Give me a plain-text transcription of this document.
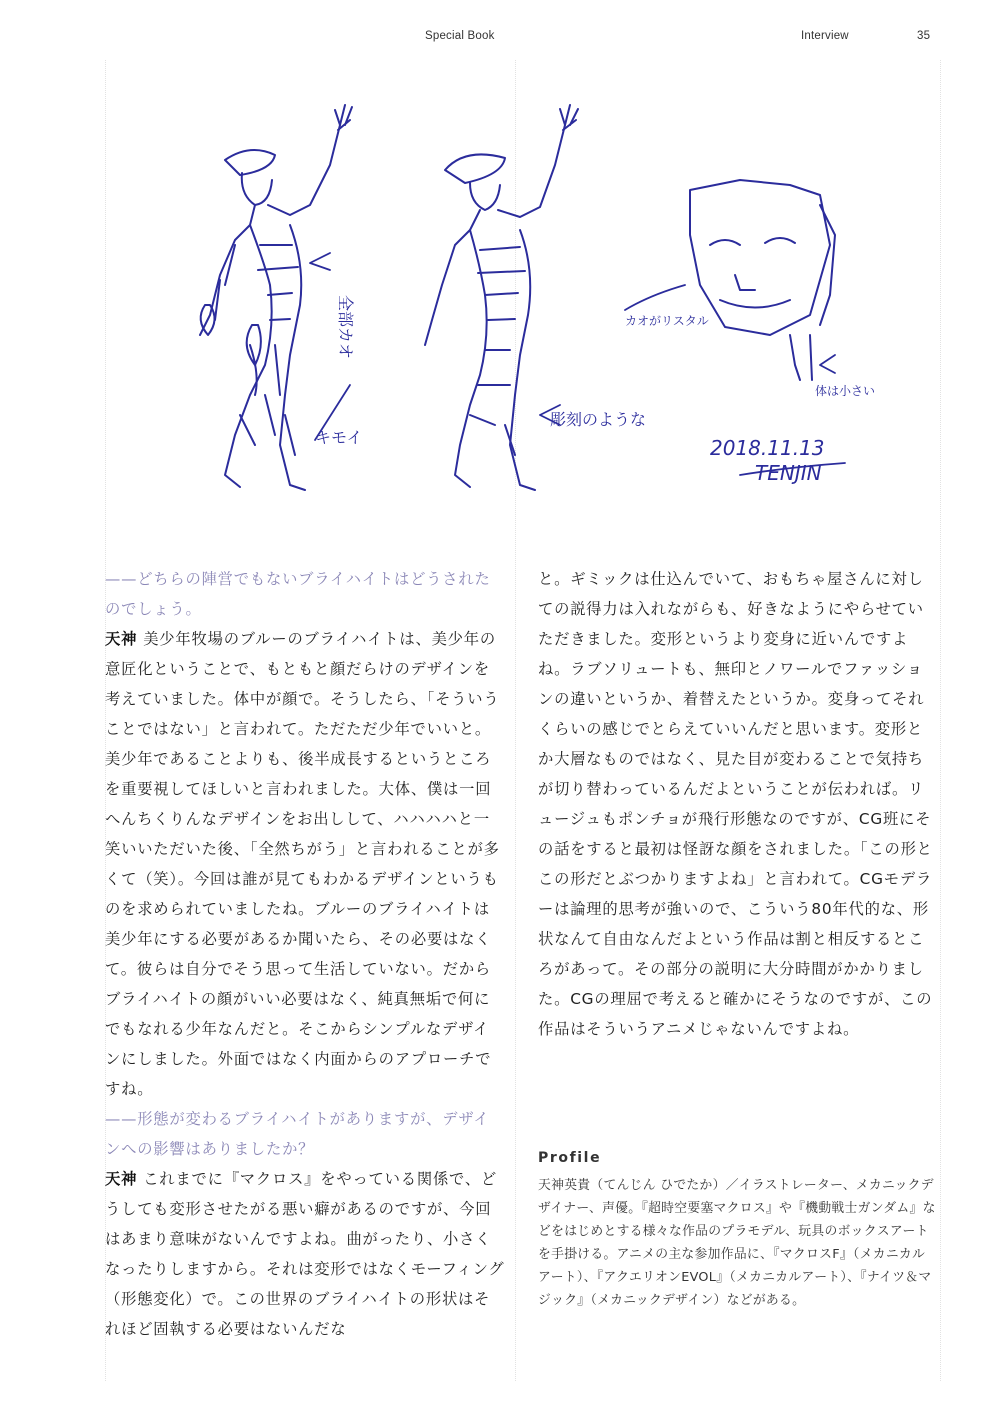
Special Book	Interview	35
全部カオ
キモイ
彫刻のような
カオがリスタル
体は小さい
2018.11.13
TENJIN

——どちらの陣営でもないブライハイトはどうされたのでしょう。

天神 美少年牧場のブルーのブライハイトは、美少年の意匠化ということで、もともと顔だらけのデザインを考えていました。体中が顔で。そうしたら、「そういうことではない」と言われて。ただただ少年でいいと。美少年であることよりも、後半成長するというところを重要視してほしいと言われました。大体、僕は一回へんちくりんなデザインをお出しして、ハハハハと一笑いいただいた後、「全然ちがう」と言われることが多くて（笑）。今回は誰が見てもわかるデザインというものを求められていましたね。ブルーのブライハイトは美少年にする必要があるか聞いたら、その必要はなくて。彼らは自分でそう思って生活していない。だからブライハイトの顔がいい必要はなく、純真無垢で何にでもなれる少年なんだと。そこからシンプルなデザインにしました。外面ではなく内面からのアプローチですね。

——形態が変わるブライハイトがありますが、デザインへの影響はありましたか？

天神 これまでに『マクロス』をやっている関係で、どうしても変形させたがる悪い癖があるのですが、今回はあまり意味がないんですよね。曲がったり、小さくなったりしますから。それは変形ではなくモーフィング（形態変化）で。この世界のブライハイトの形状はそれほど固執する必要はないんだな

と。ギミックは仕込んでいて、おもちゃ屋さんに対しての説得力は入れながらも、好きなようにやらせていただきました。変形というより変身に近いんですよね。ラブソリュートも、無印とノワールでファッションの違いというか、着替えたというか。変身ってそれくらいの感じでとらえていいんだと思います。変形とか大層なものではなく、見た目が変わることで気持ちが切り替わっているんだよということが伝われば。リュージュもポンチョが飛行形態なのですが、CG班にその話をすると最初は怪訝な顔をされました。「この形とこの形だとぶつかりますよね」と言われて。CGモデラーは論理的思考が強いので、こういう80年代的な、形状なんて自由なんだよという作品は割と相反するところがあって。その部分の説明に大分時間がかかりました。CGの理屈で考えると確かにそうなのですが、この作品はそういうアニメじゃないんですよね。

Profile

天神英貴（てんじん ひでたか）／イラストレーター、メカニックデザイナー、声優。『超時空要塞マクロス』や『機動戦士ガンダム』などをはじめとする様々な作品のプラモデル、玩具のボックスアートを手掛ける。アニメの主な参加作品に、『マクロスF』（メカニカルアート）、『アクエリオンEVOL』（メカニカルアート）、『ナイツ＆マジック』（メカニックデザイン）などがある。
